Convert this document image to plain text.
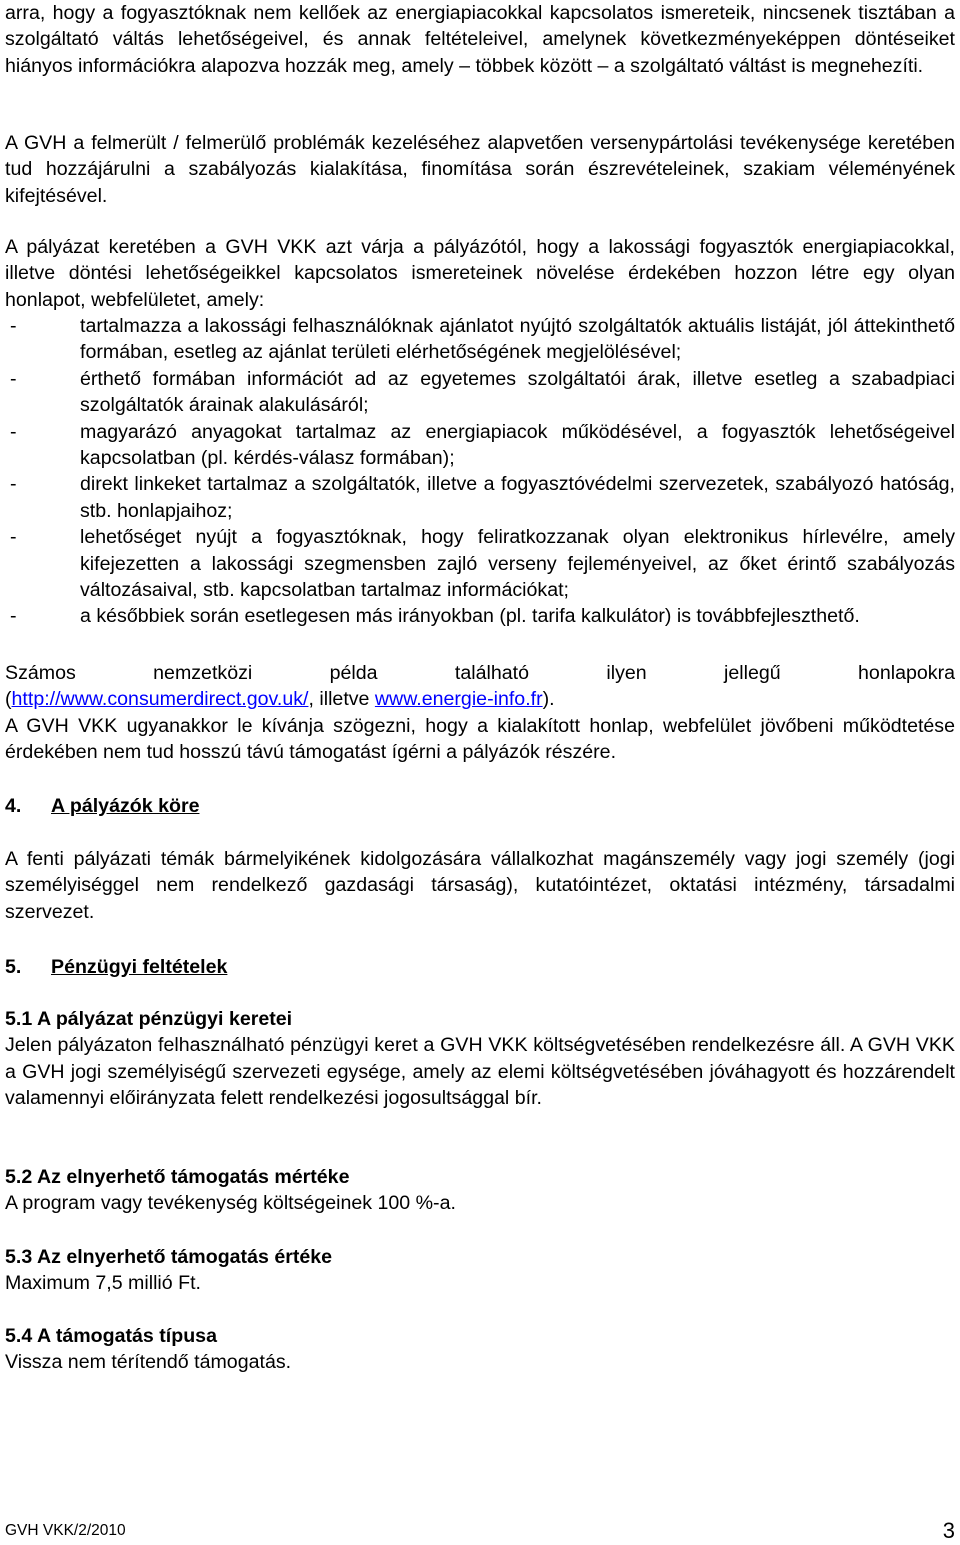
arra, hogy a fogyasztóknak nem kellőek az energiapiacokkal kapcsolatos ismereteik, nincsenek tisztában a szolgáltató váltás lehetőségeivel, és annak feltételeivel, amelynek következményeképpen döntéseiket hiányos információkra alapozva hozzák meg, amely – többek között – a szolgáltató váltást is megnehezíti.

A GVH a felmerült / felmerülő problémák kezeléséhez alapvetően versenypártolási tevékenysége keretében tud hozzájárulni a szabályozás kialakítása, finomítása során észrevételeinek, szakiam véleményének kifejtésével.

A pályázat keretében a GVH VKK azt várja a pályázótól, hogy a lakossági fogyasztók energiapiacokkal, illetve döntési lehetőségeikkel kapcsolatos ismereteinek növelése érdekében hozzon létre egy olyan honlapot, webfelületet, amely:

-	tartalmazza a lakossági felhasználóknak ajánlatot nyújtó szolgáltatók aktuális listáját, jól áttekinthető formában, esetleg az ajánlat területi elérhetőségének megjelölésével;
-	érthető formában információt ad az egyetemes szolgáltatói árak, illetve esetleg a szabadpiaci szolgáltatók árainak alakulásáról;
-	magyarázó anyagokat tartalmaz az energiapiacok működésével, a fogyasztók lehetőségeivel kapcsolatban (pl. kérdés-válasz formában);
-	direkt linkeket tartalmaz a szolgáltatók, illetve a fogyasztóvédelmi szervezetek, szabályozó hatóság, stb. honlapjaihoz;
-	lehetőséget nyújt a fogyasztóknak, hogy feliratkozzanak olyan elektronikus hírlevélre, amely kifejezetten a lakossági szegmensben zajló verseny fejleményeivel, az őket érintő szabályozás változásaival, stb. kapcsolatban tartalmaz információkat;
-	a későbbiek során esetlegesen más irányokban (pl. tarifa kalkulátor) is továbbfejleszthető.

Számos nemzetközi példa található ilyen jellegű honlapokra

(http://www.consumerdirect.gov.uk/, illetve www.energie-info.fr).

A GVH VKK ugyanakkor le kívánja szögezni, hogy a kialakított honlap, webfelület jövőbeni működtetése érdekében nem tud hosszú távú támogatást ígérni a pályázók részére.

4. A pályázók köre

A fenti pályázati témák bármelyikének kidolgozására vállalkozhat magánszemély vagy jogi személy (jogi személyiséggel nem rendelkező gazdasági társaság), kutatóintézet, oktatási intézmény, társadalmi szervezet.

5. Pénzügyi feltételek

5.1 A pályázat pénzügyi keretei

Jelen pályázaton felhasználható pénzügyi keret a GVH VKK költségvetésében rendelkezésre áll. A GVH VKK a GVH jogi személyiségű szervezeti egysége, amely az elemi költségvetésében jóváhagyott és hozzárendelt valamennyi előirányzata felett rendelkezési jogosultsággal bír.

5.2 Az elnyerhető támogatás mértéke

A program vagy tevékenység költségeinek 100 %-a.

5.3 Az elnyerhető támogatás értéke

Maximum 7,5 millió Ft.

5.4 A támogatás típusa

Vissza nem térítendő támogatás.

GVH VKK/2/2010	3
